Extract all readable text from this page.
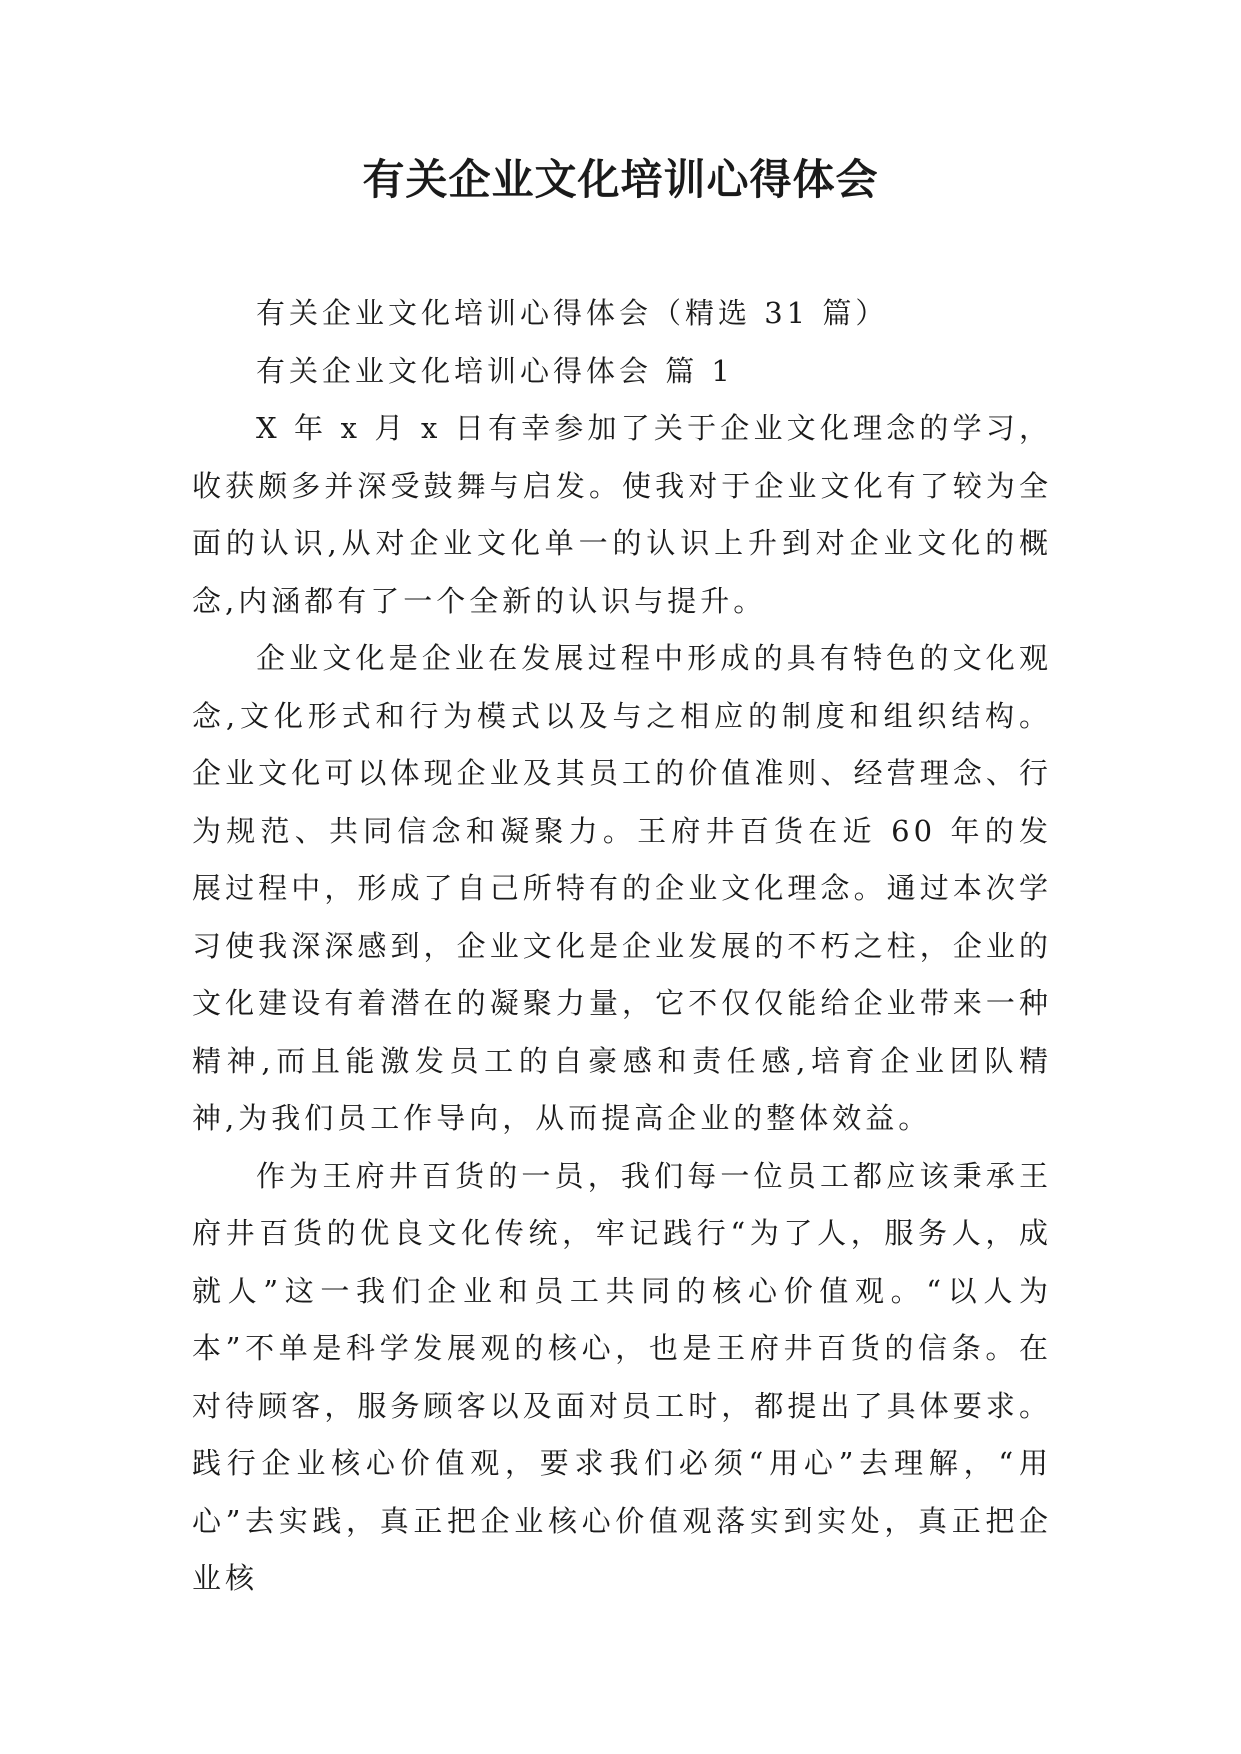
有关企业文化培训心得体会

有关企业文化培训心得体会（精选 31 篇）

有关企业文化培训心得体会 篇 1

X 年 x 月 x 日有幸参加了关于企业文化理念的学习，收获颇多并深受鼓舞与启发。使我对于企业文化有了较为全面的认识,从对企业文化单一的认识上升到对企业文化的概念,内涵都有了一个全新的认识与提升。

企业文化是企业在发展过程中形成的具有特色的文化观念,文化形式和行为模式以及与之相应的制度和组织结构。企业文化可以体现企业及其员工的价值准则、经营理念、行为规范、共同信念和凝聚力。王府井百货在近 60 年的发展过程中，形成了自己所特有的企业文化理念。通过本次学习使我深深感到，企业文化是企业发展的不朽之柱，企业的文化建设有着潜在的凝聚力量，它不仅仅能给企业带来一种精神,而且能激发员工的自豪感和责任感,培育企业团队精神,为我们员工作导向，从而提高企业的整体效益。

作为王府井百货的一员，我们每一位员工都应该秉承王府井百货的优良文化传统，牢记践行“为了人，服务人，成就人”这一我们企业和员工共同的核心价值观。“以人为本”不单是科学发展观的核心，也是王府井百货的信条。在对待顾客，服务顾客以及面对员工时，都提出了具体要求。践行企业核心价值观，要求我们必须“用心”去理解，“用心”去实践，真正把企业核心价值观落实到实处，真正把企业核
